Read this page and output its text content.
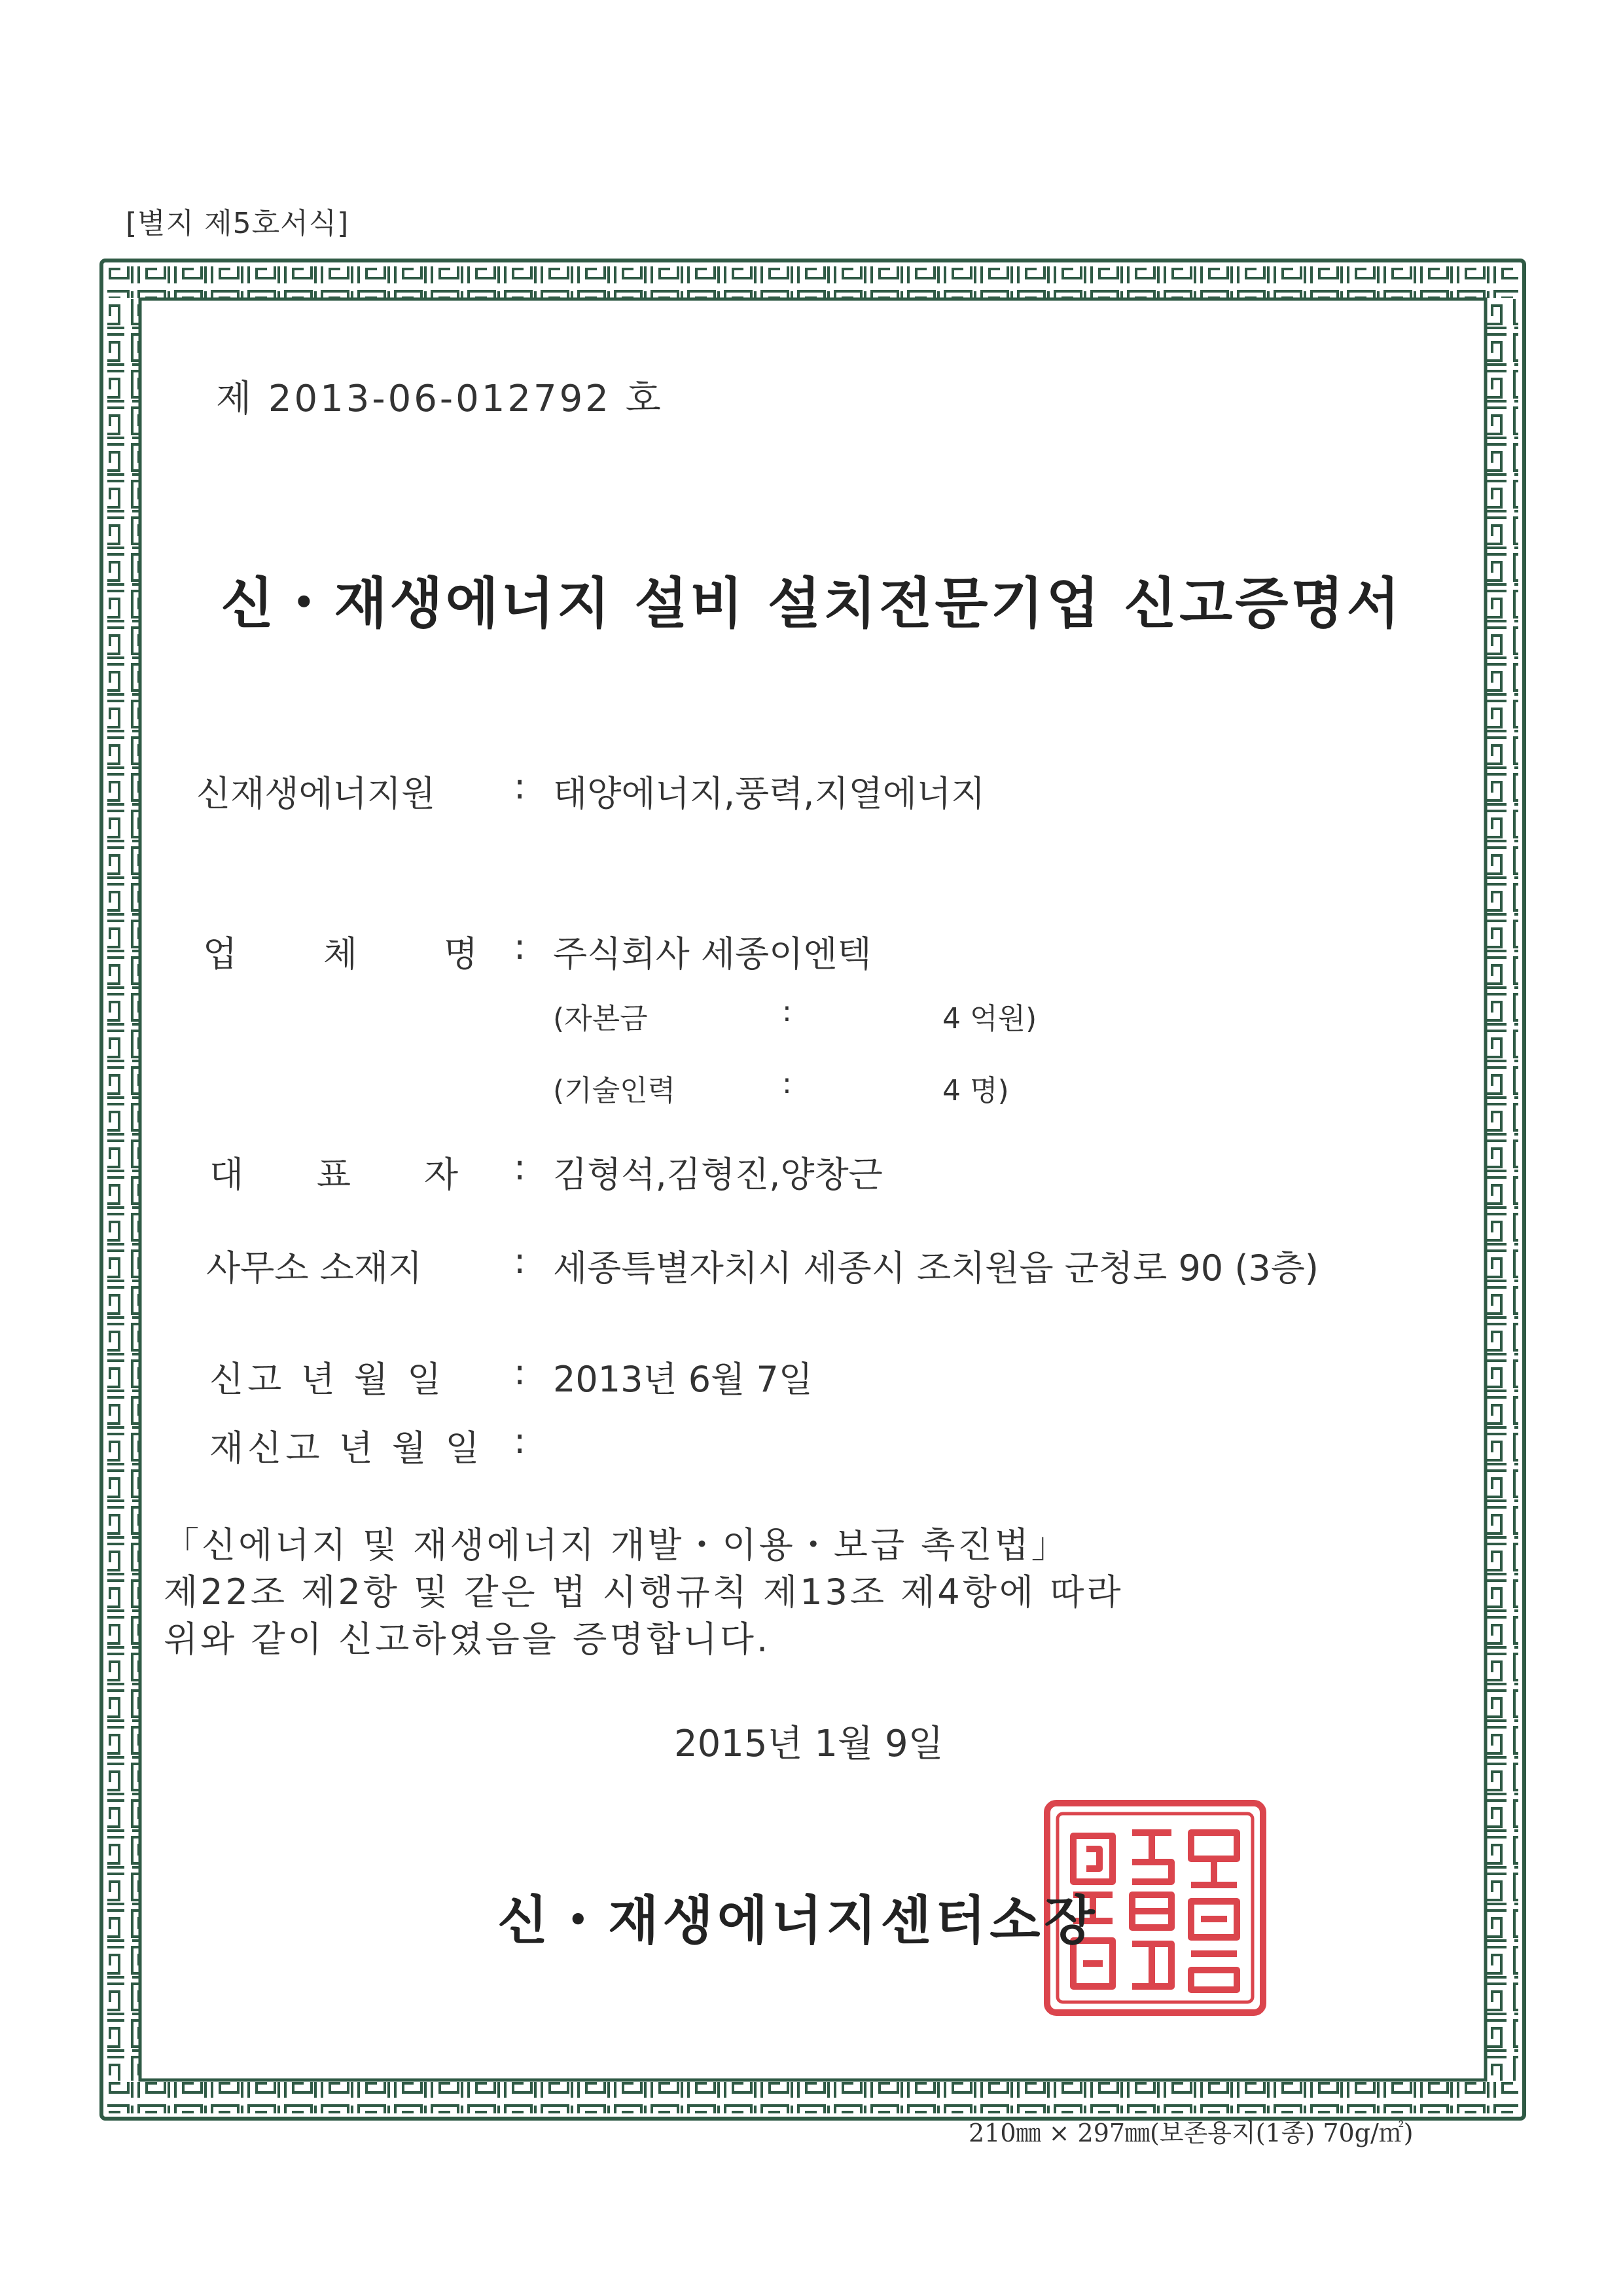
[별지 제5호서식]
제 2013-06-012792 호
신・재생에너지 설비 설치전문기업 신고증명서
신재생에너지원 : 태양에너지,풍력,지열에너지
업 체 명 : 주식회사 세종이엔텍
(자본금	:	4 억원)
(기술인력	:	4 명)
대 표 자 : 김형석,김형진,양창근
사무소 소재지	: 세종특별자치시 세종시 조치원읍 군청로 90 (3층)
신고 년 월 일 : 2013년 6월 7일
재신고 년 월 일 :
「신에너지 및 재생에너지 개발・이용・보급 촉진법」
제22조 제2항 및 같은 법 시행규칙 제13조 제4항에 따라
위와 같이 신고하였음을 증명합니다.
2015년 1월 9일
신・재생에너지센터소장
210㎜ × 297㎜(보존용지(1종) 70g/㎡)
